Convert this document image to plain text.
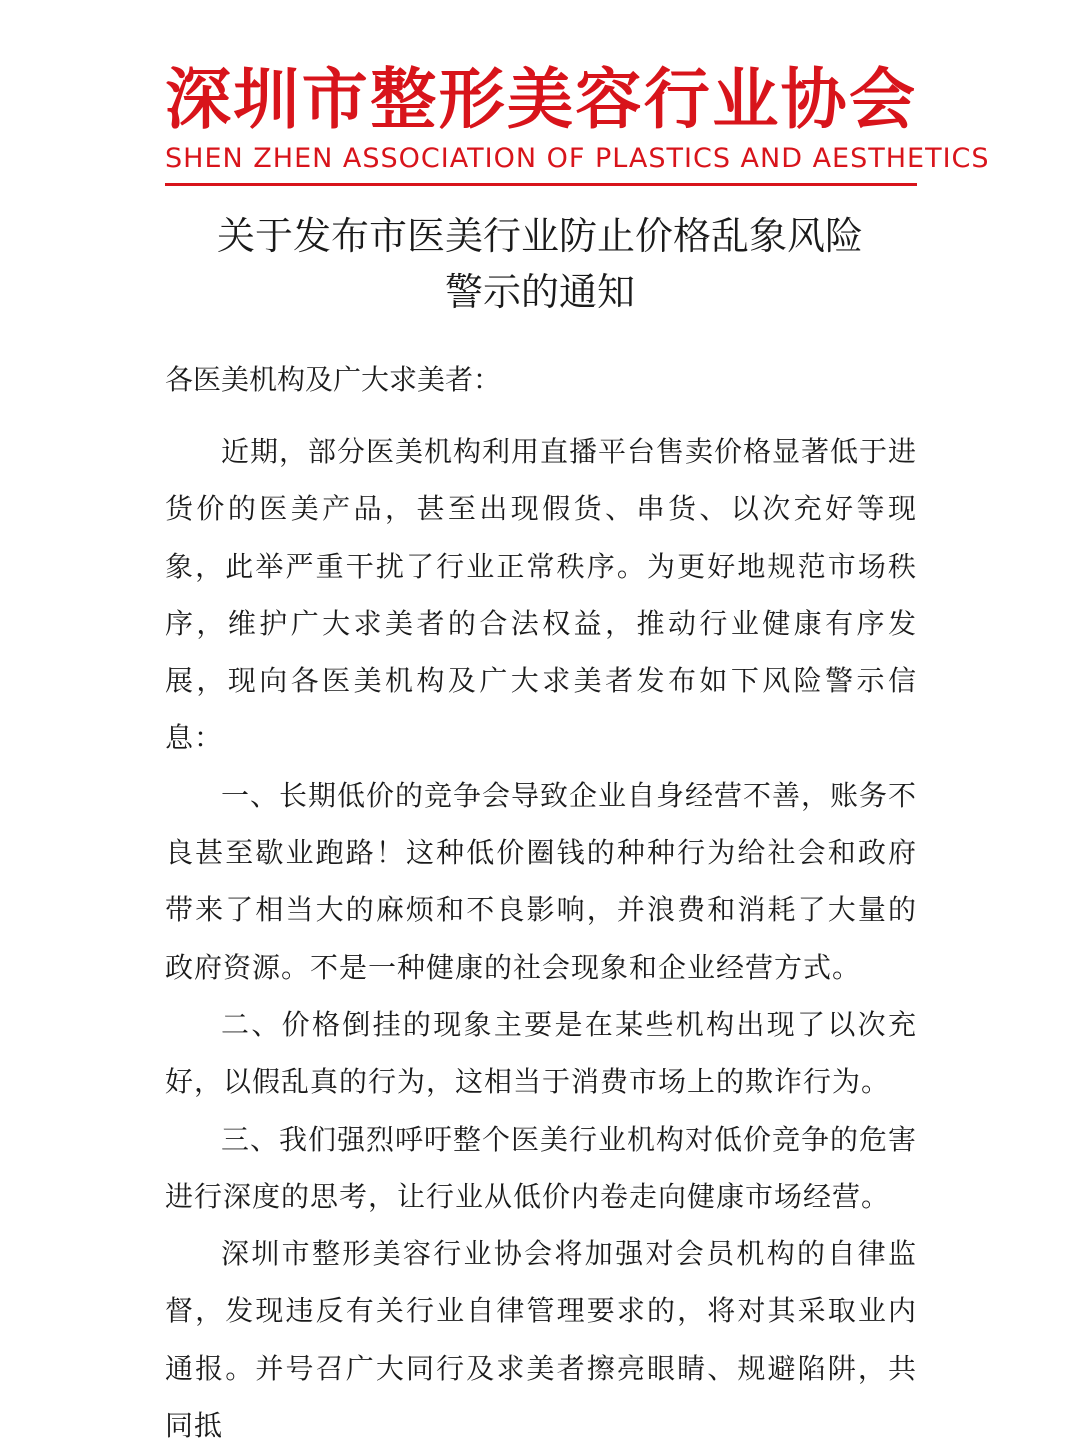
深圳市整形美容行业协会
SHEN ZHEN ASSOCIATION OF PLASTICS AND AESTHETICS
关于发布市医美行业防止价格乱象风险
警示的通知
各医美机构及广大求美者：

近期，部分医美机构利用直播平台售卖价格显著低于进货价的医美产品，甚至出现假货、串货、以次充好等现象，此举严重干扰了行业正常秩序。为更好地规范市场秩序，维护广大求美者的合法权益，推动行业健康有序发展，现向各医美机构及广大求美者发布如下风险警示信息：

一、长期低价的竞争会导致企业自身经营不善，账务不良甚至歇业跑路！这种低价圈钱的种种行为给社会和政府带来了相当大的麻烦和不良影响，并浪费和消耗了大量的政府资源。不是一种健康的社会现象和企业经营方式。

二、价格倒挂的现象主要是在某些机构出现了以次充好，以假乱真的行为，这相当于消费市场上的欺诈行为。

三、我们强烈呼吁整个医美行业机构对低价竞争的危害进行深度的思考，让行业从低价内卷走向健康市场经营。

深圳市整形美容行业协会将加强对会员机构的自律监督，发现违反有关行业自律管理要求的，将对其采取业内通报。并号召广大同行及求美者擦亮眼睛、规避陷阱，共同抵
